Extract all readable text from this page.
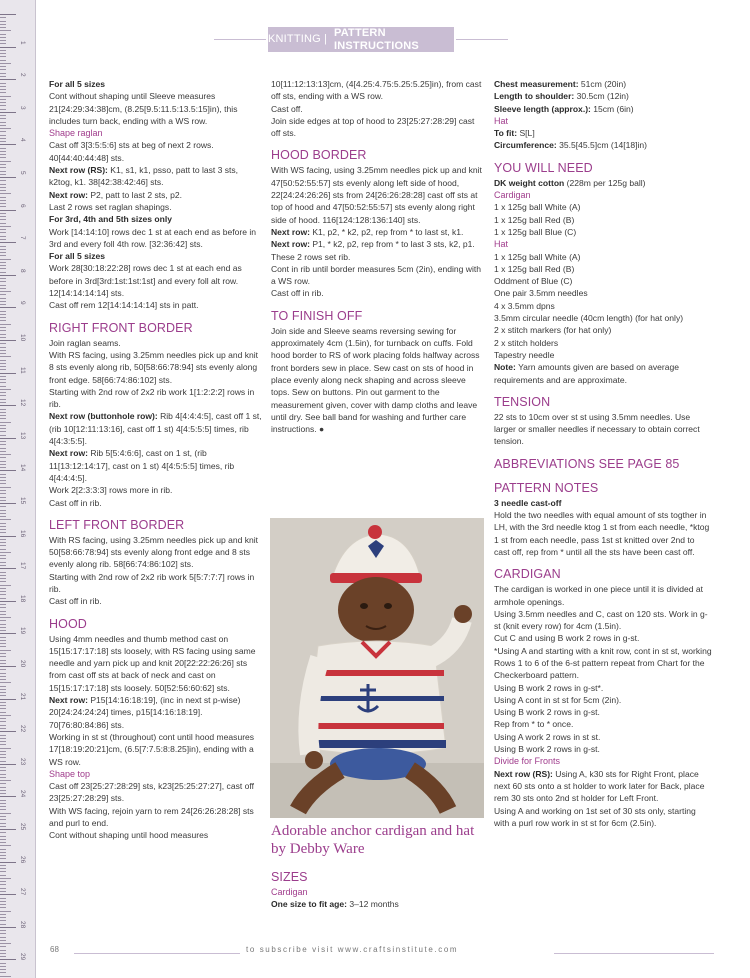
1
2
3
4
5
6
7
8
9
10
11
12
13
14
15
16
17
18
19
20
21
22
23
24
25
26
27
28
29
KNITTING |
PATTERN INSTRUCTIONS
For all 5 sizes
Cont without shaping until Sleeve measures 21[24:29:34:38]cm, (8.25[9.5:11.5:13.5:15]in), this includes turn back, ending with a WS row.
Shape raglan
Cast off 3[3:5:5:6] sts at beg of next 2 rows. 40[44:40:44:48] sts.
Next row (RS): K1, s1, k1, psso, patt to last 3 sts, k2tog, k1. 38[42:38:42:46] sts.
Next row: P2, patt to last 2 sts, p2.
Last 2 rows set raglan shapings.
For 3rd, 4th and 5th sizes only
Work [14:14:10] rows dec 1 st at each end as before in 3rd and every foll 4th row. [32:36:42] sts.
For all 5 sizes
Work 28[30:18:22:28] rows dec 1 st at each end as before in 3rd[3rd:1st:1st:1st] and every foll alt row. 12[14:14:14:14] sts.
Cast off rem 12[14:14:14:14] sts in patt.
RIGHT FRONT BORDER
Join raglan seams.
With RS facing, using 3.25mm needles pick up and knit 8 sts evenly along rib, 50[58:66:78:94] sts evenly along front edge. 58[66:74:86:102] sts.
Starting with 2nd row of 2x2 rib work 1[1:2:2:2] rows in rib.
Next row (buttonhole row): Rib 4[4:4:4:5], cast off 1 st, (rib 10[12:11:13:16], cast off 1 st) 4[4:5:5:5] times, rib 4[4:3:5:5].
Next row: Rib 5[5:4:6:6], cast on 1 st, (rib 11[13:12:14:17], cast on 1 st) 4[4:5:5:5] times, rib 4[4:4:4:5].
Work 2[2:3:3:3] rows more in rib.
Cast off in rib.
LEFT FRONT BORDER
With RS facing, using 3.25mm needles pick up and knit 50[58:66:78:94] sts evenly along front edge and 8 sts evenly along rib. 58[66:74:86:102] sts.
Starting with 2nd row of 2x2 rib work 5[5:7:7:7] rows in rib.
Cast off in rib.
HOOD
Using 4mm needles and thumb method cast on 15[15:17:17:18] sts loosely, with RS facing using same needle and yarn pick up and knit 20[22:22:26:26] sts from cast off sts at back of neck and cast on 15[15:17:17:18] sts loosely. 50[52:56:60:62] sts.
Next row: P15[14:16:18:19], (inc in next st p-wise) 20[24:24:24:24] times, p15[14:16:18:19]. 70[76:80:84:86] sts.
Working in st st (throughout) cont until hood measures 17[18:19:20:21]cm, (6.5[7:7.5:8:8.25]in), ending with a WS row.
Shape top
Cast off 23[25:27:28:29] sts, k23[25:25:27:27], cast off 23[25:27:28:29] sts.
With WS facing, rejoin yarn to rem 24[26:26:28:28] sts and purl to end.
Cont without shaping until hood measures
10[11:12:13:13]cm, (4[4.25:4.75:5.25:5.25]in), from cast off sts, ending with a WS row.
Cast off.
Join side edges at top of hood to 23[25:27:28:29] cast off sts.
HOOD BORDER
With WS facing, using 3.25mm needles pick up and knit 47[50:52:55:57] sts evenly along left side of hood, 22[24:24:26:26] sts from 24[26:26:28:28] cast off sts at top of hood and 47[50:52:55:57] sts evenly along right side of hood. 116[124:128:136:140] sts.
Next row: K1, p2, * k2, p2, rep from * to last st, k1.
Next row: P1, * k2, p2, rep from * to last 3 sts, k2, p1.
These 2 rows set rib.
Cont in rib until border measures 5cm (2in), ending with a WS row.
Cast off in rib.
TO FINISH OFF
Join side and Sleeve seams reversing sewing for approximately 4cm (1.5in), for turnback on cuffs. Fold hood border to RS of work placing folds halfway across front borders sew in place. Sew cast on sts of hood in place evenly along neck shaping and across sleeve tops. Sew on buttons. Pin out garment to the measurement given, cover with damp cloths and leave until dry. See ball band for washing and further care instructions. ●
Chest measurement: 51cm (20in)
Length to shoulder: 30.5cm (12in)
Sleeve length (approx.): 15cm (6in)
Hat
To fit: S[L]
Circumference: 35.5[45.5]cm (14[18]in)
YOU WILL NEED
DK weight cotton (228m per 125g ball)
Cardigan
1 x 125g ball White (A)
1 x 125g ball Red (B)
1 x 125g ball Blue (C)
Hat
1 x 125g ball White (A)
1 x 125g ball Red (B)
Oddment of Blue (C)
One pair 3.5mm needles
4 x 3.5mm dpns
3.5mm circular needle (40cm length) (for hat only)
2 x stitch markers (for hat only)
2 x stitch holders
Tapestry needle
Note: Yarn amounts given are based on average requirements and are approximate.
TENSION
22 sts to 10cm over st st using 3.5mm needles. Use larger or smaller needles if necessary to obtain correct tension.
ABBREVIATIONS SEE PAGE 85
PATTERN NOTES
3 needle cast-off
Hold the two needles with equal amount of sts togther in LH, with the 3rd needle ktog 1 st from each needle, *ktog 1 st from each needle, pass 1st st knitted over 2nd to cast off, rep from * until all the sts have been cast off.
CARDIGAN
The cardigan is worked in one piece until it is divided at armhole openings.
Using 3.5mm needles and C, cast on 120 sts. Work in g-st (knit every row) for 4cm (1.5in).
Cut C and using B work 2 rows in g-st.
*Using A and starting with a knit row, cont in st st, working Rows 1 to 6 of the 6-st pattern repeat from Chart for the Checkerboard pattern.
Using B work 2 rows in g-st*.
Using A cont in st st for 5cm (2in).
Using B work 2 rows in g-st.
Rep from * to * once.
Using A work 2 rows in st st.
Using B work 2 rows in g-st.
Divide for Fronts
Next row (RS): Using A, k30 sts for Right Front, place next 60 sts onto a st holder to work later for Back, place rem 30 sts onto 2nd st holder for Left Front.
Using A and working on 1st set of 30 sts only, starting with a purl row work in st st for 6cm (2.5in).
Adorable anchor cardigan and hat by Debby Ware
SIZES
Cardigan
One size to fit age: 3–12 months
68	to subscribe visit www.craftsinstitute.com
